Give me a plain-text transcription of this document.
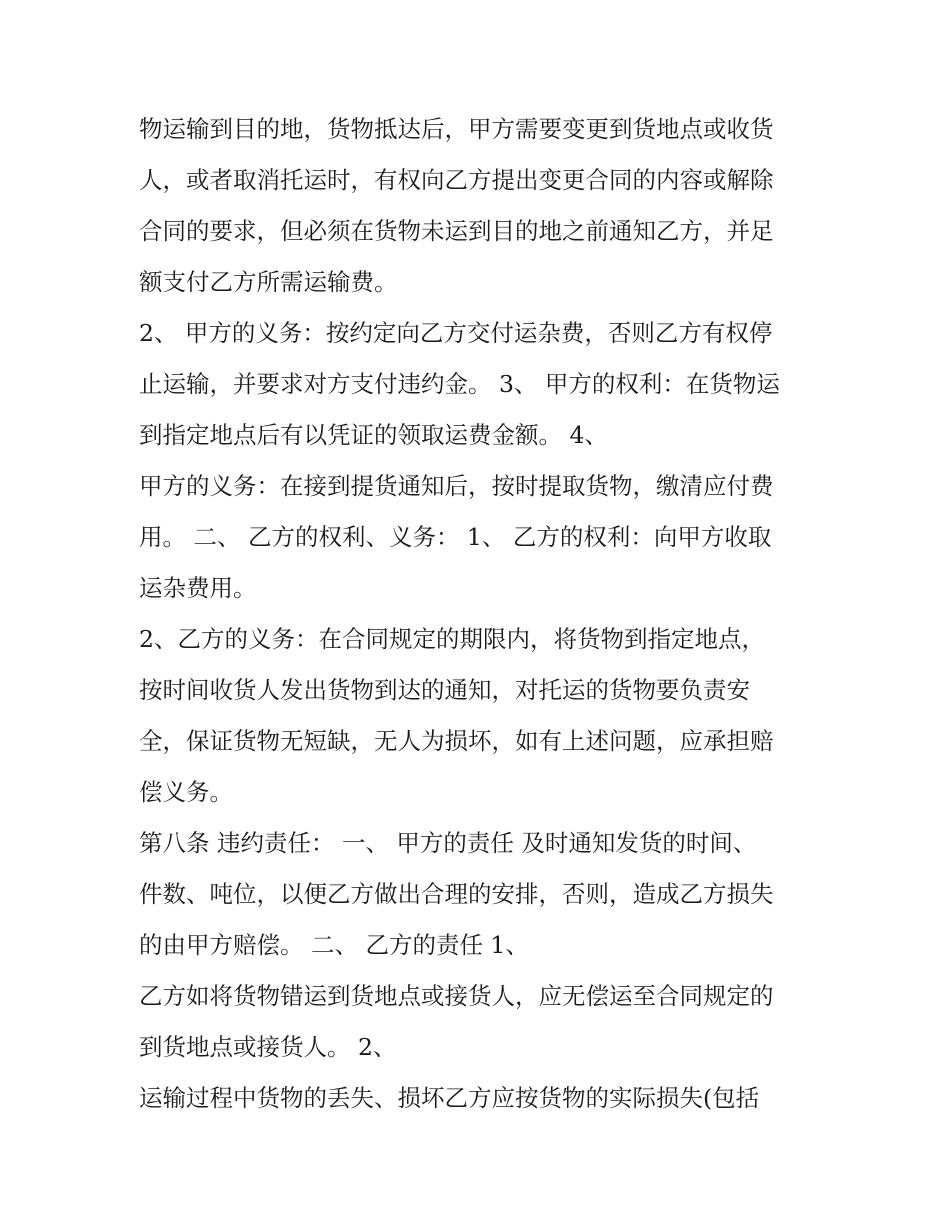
物运输到目的地，货物抵达后，甲方需要变更到货地点或收货
人，或者取消托运时，有权向乙方提出变更合同的内容或解除
合同的要求，但必须在货物未运到目的地之前通知乙方，并足
额支付乙方所需运输费。
2、 甲方的义务：按约定向乙方交付运杂费，否则乙方有权停
止运输，并要求对方支付违约金。 3、 甲方的权利：在货物运
到指定地点后有以凭证的领取运费金额。 4、
甲方的义务：在接到提货通知后，按时提取货物，缴清应付费
用。 二、 乙方的权利、义务： 1、 乙方的权利：向甲方收取
运杂费用。
2、乙方的义务：在合同规定的期限内，将货物到指定地点，
按时间收货人发出货物到达的通知，对托运的货物要负责安
全，保证货物无短缺，无人为损坏，如有上述问题，应承担赔
偿义务。
第八条 违约责任： 一、 甲方的责任 及时通知发货的时间、
件数、吨位，以便乙方做出合理的安排，否则，造成乙方损失
的由甲方赔偿。 二、 乙方的责任 1、
乙方如将货物错运到货地点或接货人，应无偿运至合同规定的
到货地点或接货人。 2、
运输过程中货物的丢失、损坏乙方应按货物的实际损失(包括
